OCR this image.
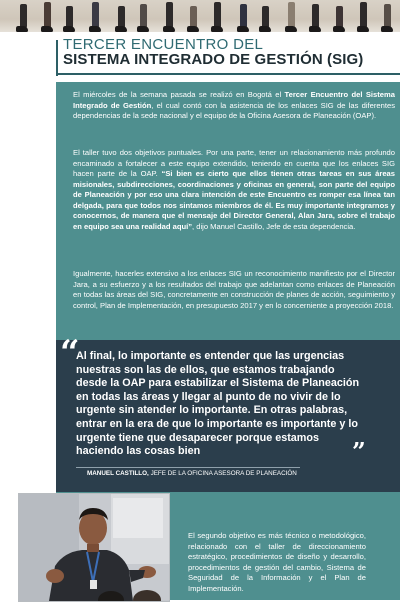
TERCER ENCUENTRO DEL
SISTEMA INTEGRADO DE GESTIÓN (SIG)

El miércoles de la semana pasada se realizó en Bogotá el Tercer Encuentro del Sistema Integrado de Gestión, el cual contó con la asistencia de los enlaces SIG de las diferentes dependencias de la sede nacional y el equipo de la Oficina Asesora de Planeación (OAP).

El taller tuvo dos objetivos puntuales. Por una parte, tener un relacionamiento más profundo encaminado a fortalecer a este equipo extendido, teniendo en cuenta que los enlaces SIG hacen parte de la OAP. “Si bien es cierto que ellos tienen otras tareas en sus áreas misionales, subdirecciones, coordinaciones y oficinas en general, son parte del equipo de Planeación y por eso una clara intención de este Encuentro es romper esa línea tan delgada, para que todos nos sintamos miembros de él. Es muy importante integrarnos y conocernos, de manera que el mensaje del Director General, Alan Jara, sobre el trabajo en equipo sea una realidad aquí”, dijo Manuel Castillo, Jefe de esta dependencia.

Igualmente, hacerles extensivo a los enlaces SIG un reconocimiento manifiesto por el Director Jara, a su esfuerzo y a los resultados del trabajo que adelantan como enlaces de Planeación en todas las áreas del SIG, concretamente en construcción de planes de acción, seguimiento y control, Plan de Implementación, en presupuesto 2017 y en lo concerniente a proyección 2018.

“

Al final, lo importante es entender que las urgencias nuestras son las de ellos, que estamos trabajando desde la OAP para estabilizar el Sistema de Planeación en todas las áreas y llegar al punto de no vivir de lo urgente sin atender lo importante. En otras palabras, entrar en la era de que lo importante es importante y lo urgente tiene que desaparecer porque estamos haciendo las cosas bien	”
MANUEL CASTILLO, JEFE DE LA OFICINA ASESORA DE PLANEACIÓN

El segundo objetivo es más técnico o metodológico, relacionado con el taller de direccionamiento estratégico, procedimientos de diseño y desarrollo, procedimientos de gestión del cambio, Sistema de Seguridad de la Información y el Plan de Implementación.
